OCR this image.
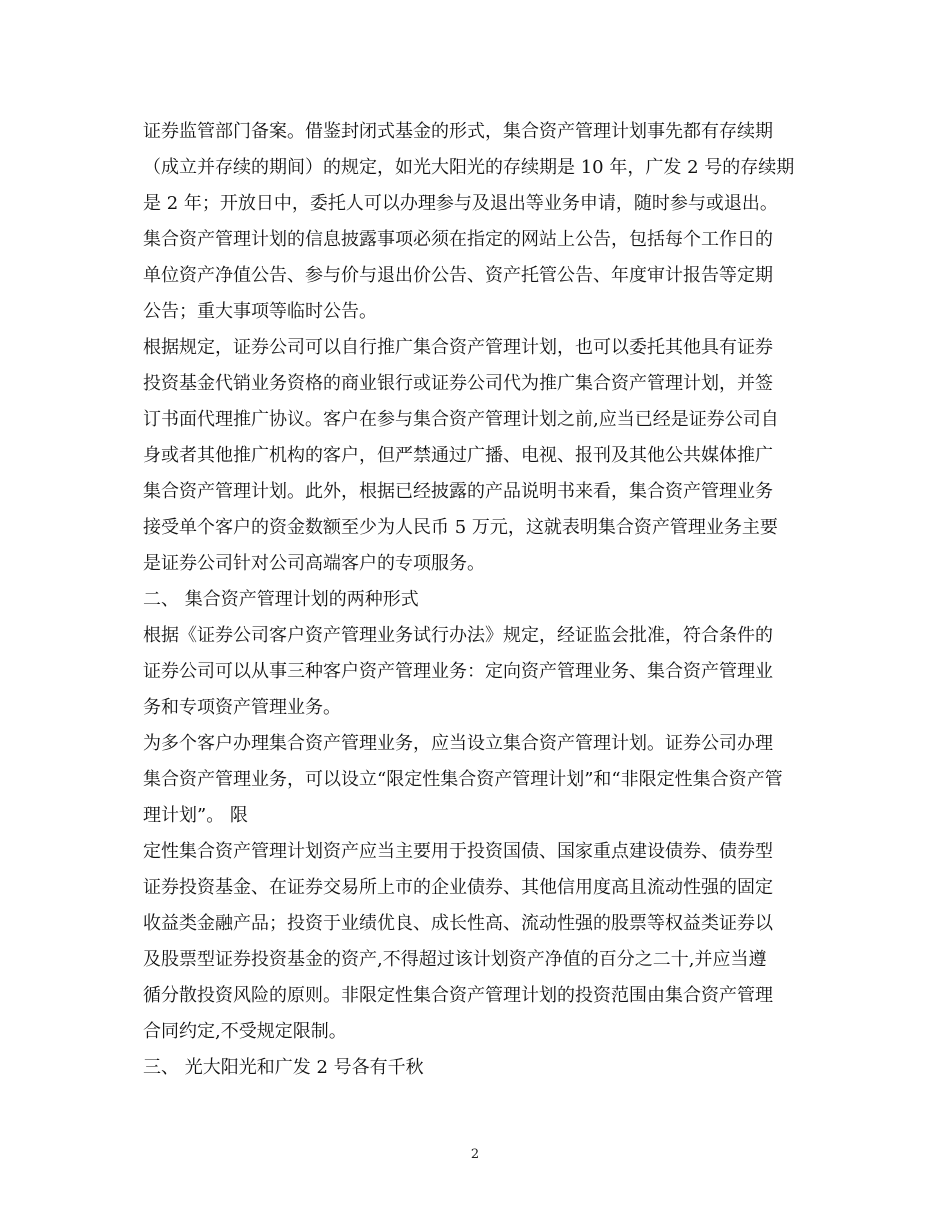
证券监管部门备案。借鉴封闭式基金的形式，集合资产管理计划事先都有存续期
（成立并存续的期间）的规定，如光大阳光的存续期是 10 年，广发 2 号的存续期
是 2 年；开放日中，委托人可以办理参与及退出等业务申请，随时参与或退出。
集合资产管理计划的信息披露事项必须在指定的网站上公告，包括每个工作日的
单位资产净值公告、参与价与退出价公告、资产托管公告、年度审计报告等定期
公告；重大事项等临时公告。
根据规定，证券公司可以自行推广集合资产管理计划，也可以委托其他具有证券
投资基金代销业务资格的商业银行或证券公司代为推广集合资产管理计划，并签
订书面代理推广协议。客户在参与集合资产管理计划之前,应当已经是证券公司自
身或者其他推广机构的客户，但严禁通过广播、电视、报刊及其他公共媒体推广
集合资产管理计划。此外，根据已经披露的产品说明书来看，集合资产管理业务
接受单个客户的资金数额至少为人民币 5 万元，这就表明集合资产管理业务主要
是证券公司针对公司高端客户的专项服务。
二、 集合资产管理计划的两种形式
根据《证券公司客户资产管理业务试行办法》规定，经证监会批准，符合条件的
证券公司可以从事三种客户资产管理业务：定向资产管理业务、集合资产管理业
务和专项资产管理业务。
为多个客户办理集合资产管理业务，应当设立集合资产管理计划。证券公司办理
集合资产管理业务，可以设立“限定性集合资产管理计划”和“非限定性集合资产管
理计划”。 限
定性集合资产管理计划资产应当主要用于投资国债、国家重点建设债券、债券型
证券投资基金、在证券交易所上市的企业债券、其他信用度高且流动性强的固定
收益类金融产品；投资于业绩优良、成长性高、流动性强的股票等权益类证券以
及股票型证券投资基金的资产,不得超过该计划资产净值的百分之二十,并应当遵
循分散投资风险的原则。非限定性集合资产管理计划的投资范围由集合资产管理
合同约定,不受规定限制。
三、 光大阳光和广发 2 号各有千秋
2
